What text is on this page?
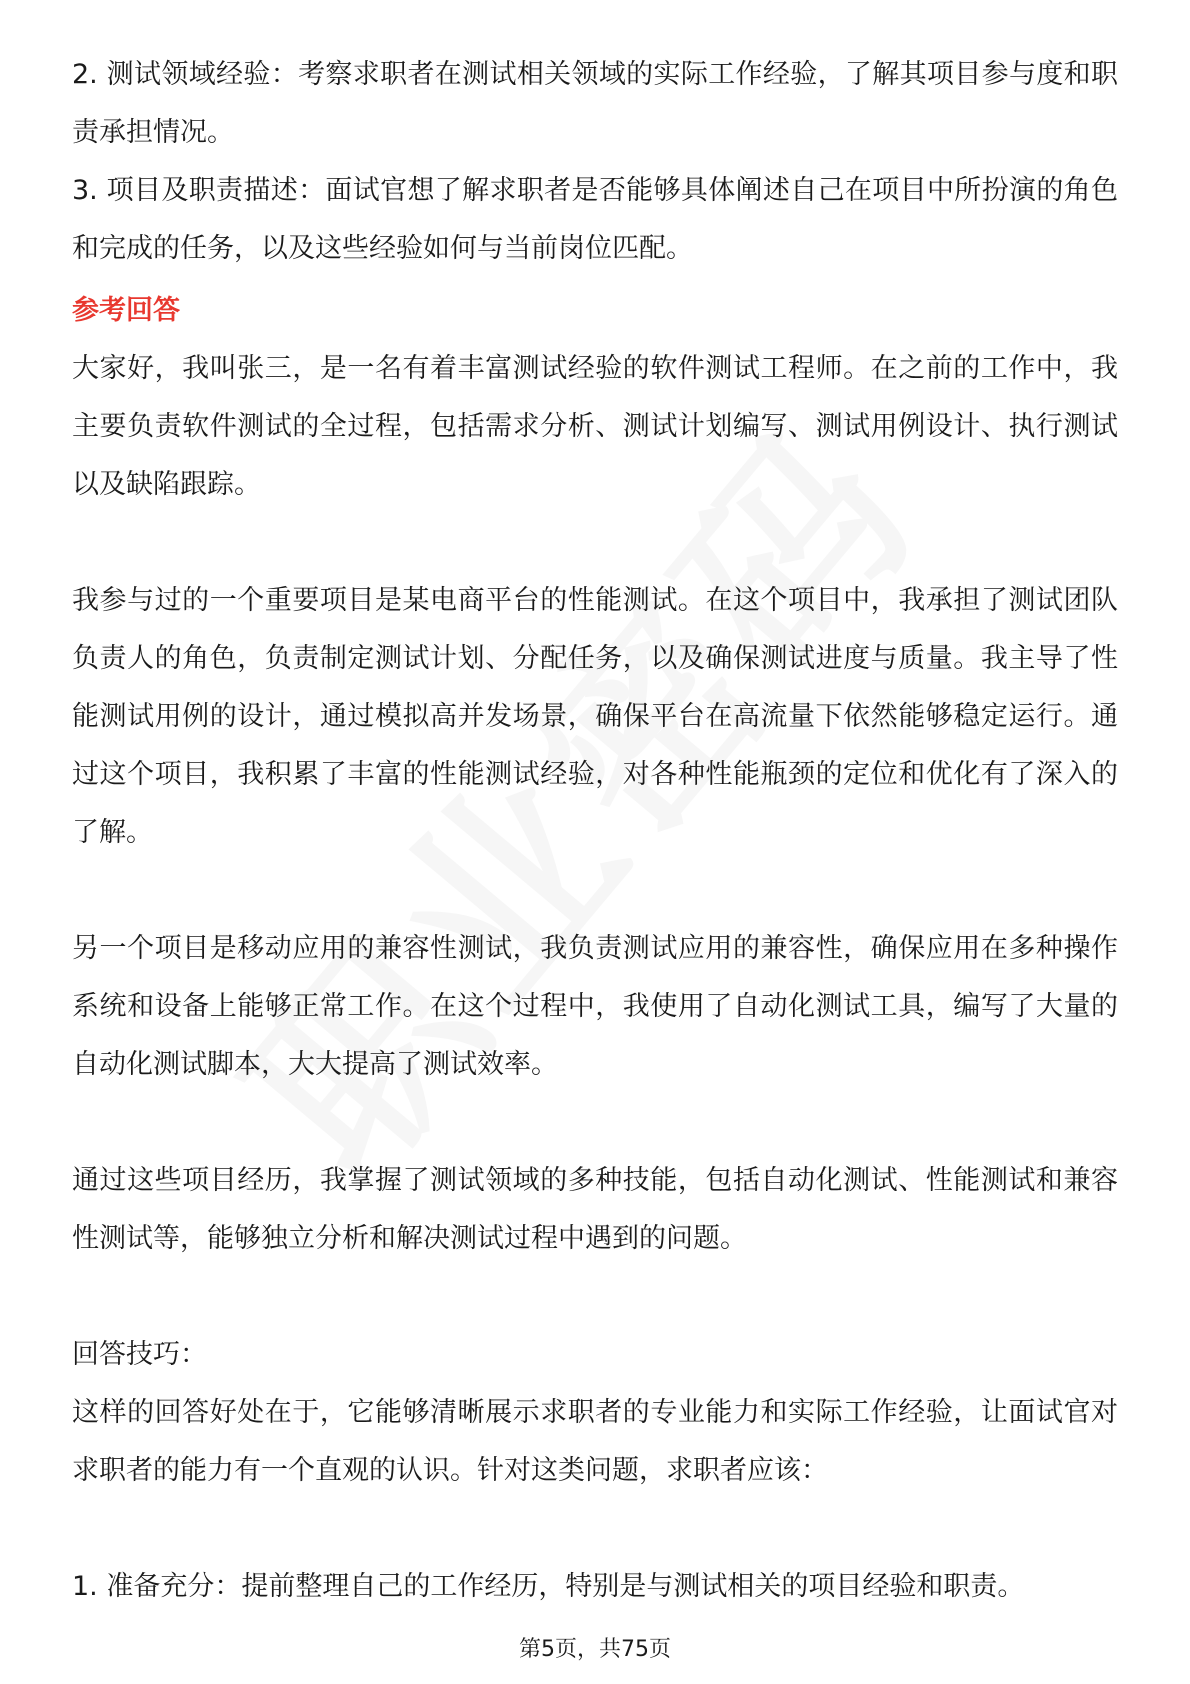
2. 测试领域经验：考察求职者在测试相关领域的实际工作经验，了解其项目参与度和职责承担情况。

3. 项目及职责描述：面试官想了解求职者是否能够具体阐述自己在项目中所扮演的角色和完成的任务，以及这些经验如何与当前岗位匹配。

参考回答

大家好，我叫张三，是一名有着丰富测试经验的软件测试工程师。在之前的工作中，我主要负责软件测试的全过程，包括需求分析、测试计划编写、测试用例设计、执行测试以及缺陷跟踪。

我参与过的一个重要项目是某电商平台的性能测试。在这个项目中，我承担了测试团队负责人的角色，负责制定测试计划、分配任务，以及确保测试进度与质量。我主导了性能测试用例的设计，通过模拟高并发场景，确保平台在高流量下依然能够稳定运行。通过这个项目，我积累了丰富的性能测试经验，对各种性能瓶颈的定位和优化有了深入的了解。

另一个项目是移动应用的兼容性测试，我负责测试应用的兼容性，确保应用在多种操作系统和设备上能够正常工作。在这个过程中，我使用了自动化测试工具，编写了大量的自动化测试脚本，大大提高了测试效率。

通过这些项目经历，我掌握了测试领域的多种技能，包括自动化测试、性能测试和兼容性测试等，能够独立分析和解决测试过程中遇到的问题。

回答技巧：

这样的回答好处在于，它能够清晰展示求职者的专业能力和实际工作经验，让面试官对求职者的能力有一个直观的认识。针对这类问题，求职者应该：

1. 准备充分：提前整理自己的工作经历，特别是与测试相关的项目经验和职责。

第5页，共75页
